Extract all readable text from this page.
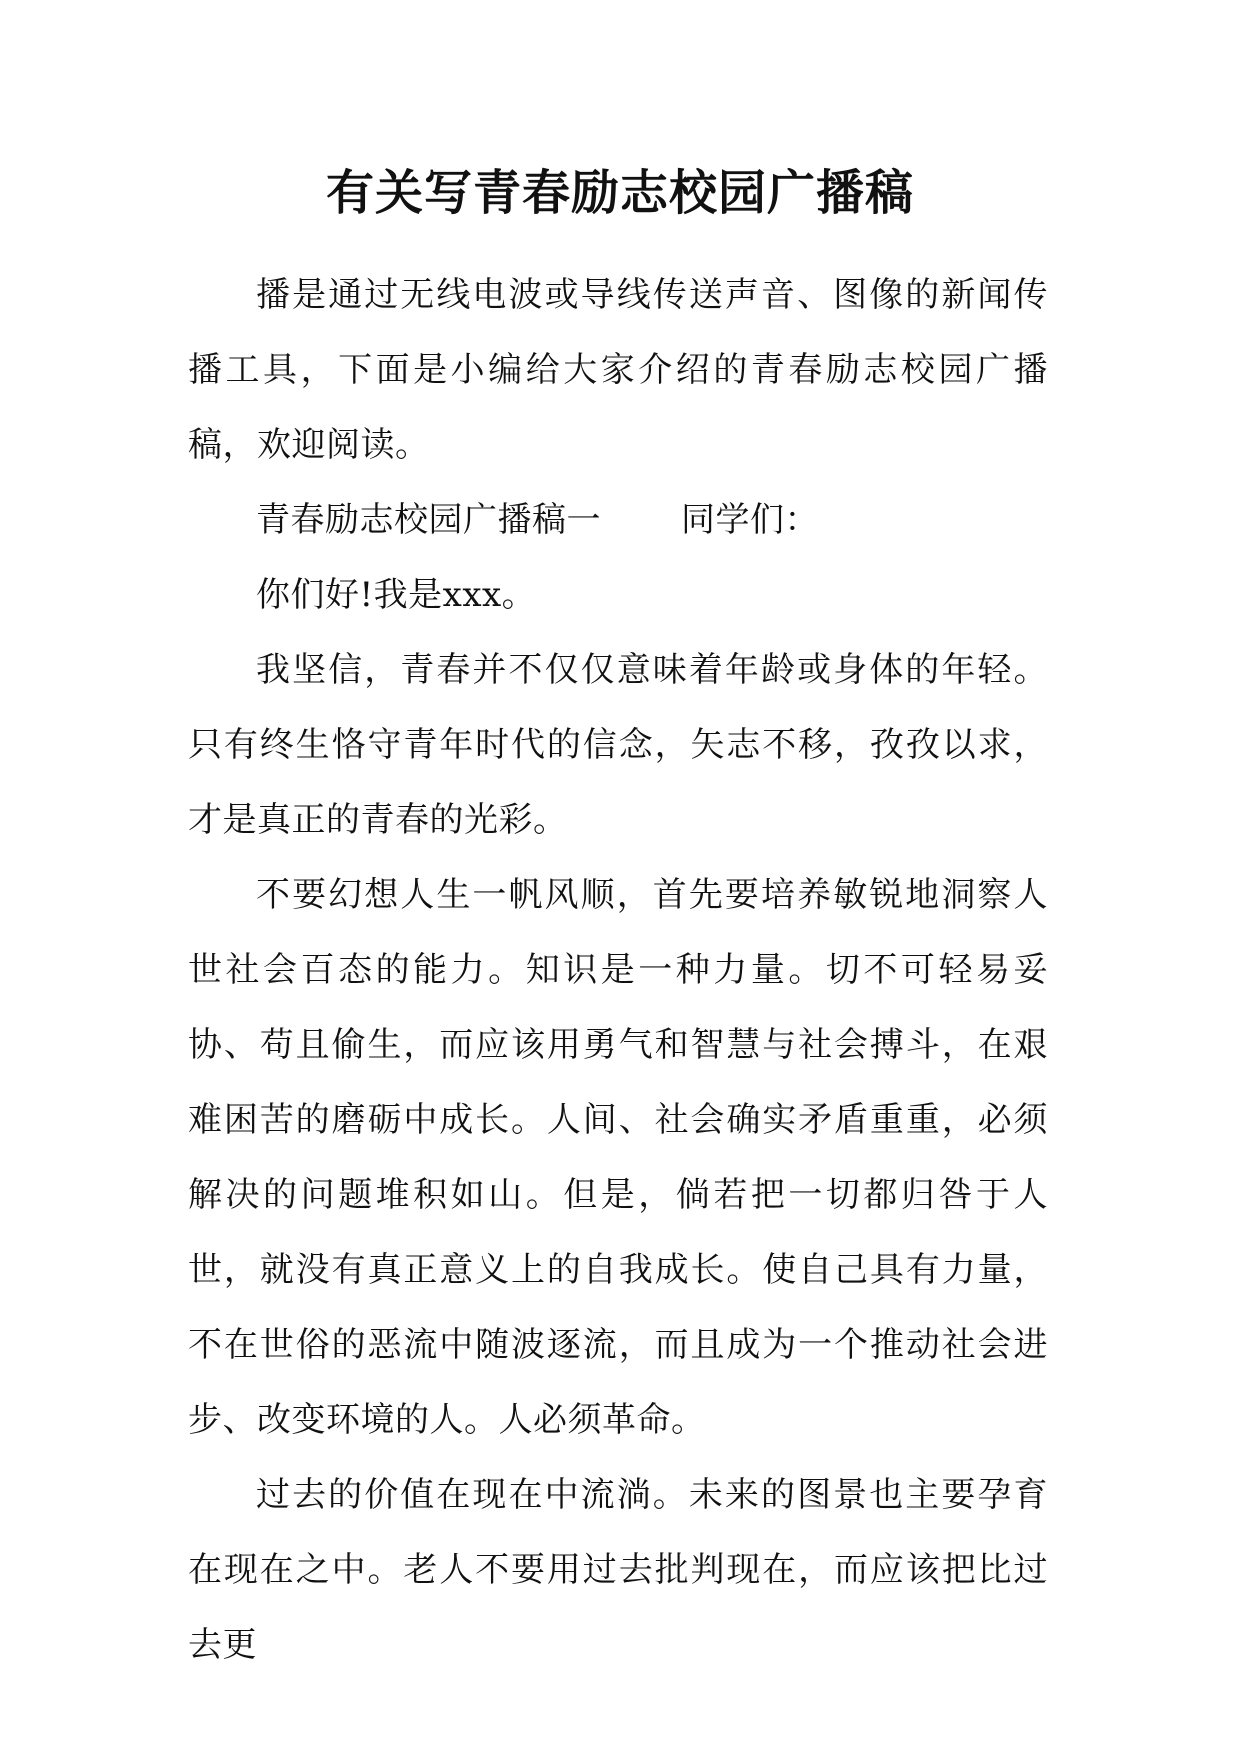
有关写青春励志校园广播稿

播是通过无线电波或导线传送声音、图像的新闻传播工具，下面是小编给大家介绍的青春励志校园广播稿，欢迎阅读。

青春励志校园广播稿一 同学们：

你们好!我是xxx。

我坚信，青春并不仅仅意味着年龄或身体的年轻。只有终生恪守青年时代的信念，矢志不移，孜孜以求，才是真正的青春的光彩。

不要幻想人生一帆风顺，首先要培养敏锐地洞察人世社会百态的能力。知识是一种力量。切不可轻易妥协、苟且偷生，而应该用勇气和智慧与社会搏斗，在艰难困苦的磨砺中成长。人间、社会确实矛盾重重，必须解决的问题堆积如山。但是，倘若把一切都归咎于人世，就没有真正意义上的自我成长。使自己具有力量，不在世俗的恶流中随波逐流，而且成为一个推动社会进步、改变环境的人。人必须革命。

过去的价值在现在中流淌。未来的图景也主要孕育在现在之中。老人不要用过去批判现在，而应该把比过去更
